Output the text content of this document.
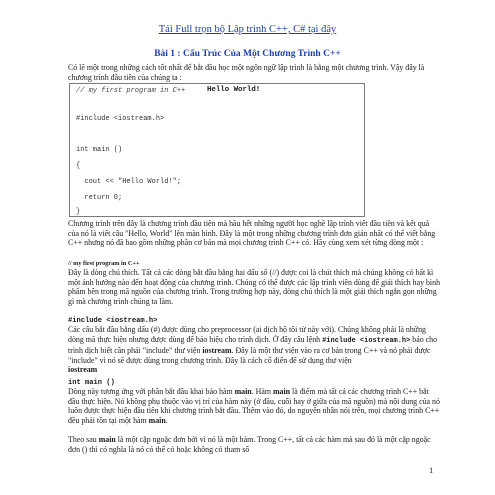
Tải Full trọn bộ Lập trình C++, C# tại đây
Bài 1 : Cấu Trúc Của Một Chương Trình C++

Có lẽ một trong những cách tốt nhất để bắt đầu học một ngôn ngữ lập trình là bằng một chương trình. Vậy đây là chương trình đầu tiên của chúng ta :

// my first program in C++
#include <iostream.h>
int main ()
{
cout << "Hello World!";
return 0;
}
Hello World!

Chương trình trên đây là chương trình đầu tiên mà hầu hết những người học nghề lập trình viết đầu tiên và kết quả của nó là viết câu "Hello, World" lên màn hình. Đây là một trong những chương trình đơn giản nhất có thể viết bằng C++ nhưng nó đã bao gồm những phần cơ bản mà mọi chương trình C++ có. Hãy cùng xem xét từng dòng một :

// my first program in C++

Đây là dòng chú thích. Tất cả các dòng bắt đầu bằng hai dấu sổ (//) được coi là chút thích mà chúng không có bất kì một ảnh hưởng nào đến hoạt động của chương trình. Chúng có thể được các lập trình viên dùng để giải thích hay bình phẩm bên trong mã nguồn của chương trình. Trong trường hợp này, dòng chú thích là một giải thích ngắn gọn những gì mà chương trình chúng ta làm.

#include <iostream.h>

Các câu bắt đầu bằng dấu (#) được dùng cho preprocessor (ai dịch hộ tôi từ này với). Chúng không phải là những dòng mã thực hiện nhưng được dùng để báo hiệu cho trình dịch. Ở đây câu lệnh #include <iostream.h> báo cho trình dịch biết cần phải "include" thư viện iostream. Đây là một thư viện vào ra cơ bản trong C++ và nó phải được "include" vì nó sẽ được dùng trong chương trình. Đây là cách cổ điển để sử dụng thư viện
iostream

int main ()

Dòng này tương ứng với phần bắt đầu khai báo hàm main. Hàm main là điểm mà tất cả các chương trình C++ bắt đầu thực hiện. Nó không phụ thuộc vào vị trí của hàm này (ở đầu, cuối hay ở giữa của mã nguồn) mà nội dung của nó luôn được thực hiện đầu tiên khi chương trình bắt đầu. Thêm vào đó, do nguyên nhân nói trên, mọi chương trình C++ đều phải tồn tại một hàm main.

Theo sau main là một cặp ngoặc đơn bởi vì nó là một hàm. Trong C++, tất cả các hàm mà sau đó là một cặp ngoặc đơn () thì có nghĩa là nó có thể có hoặc không có tham số

1
